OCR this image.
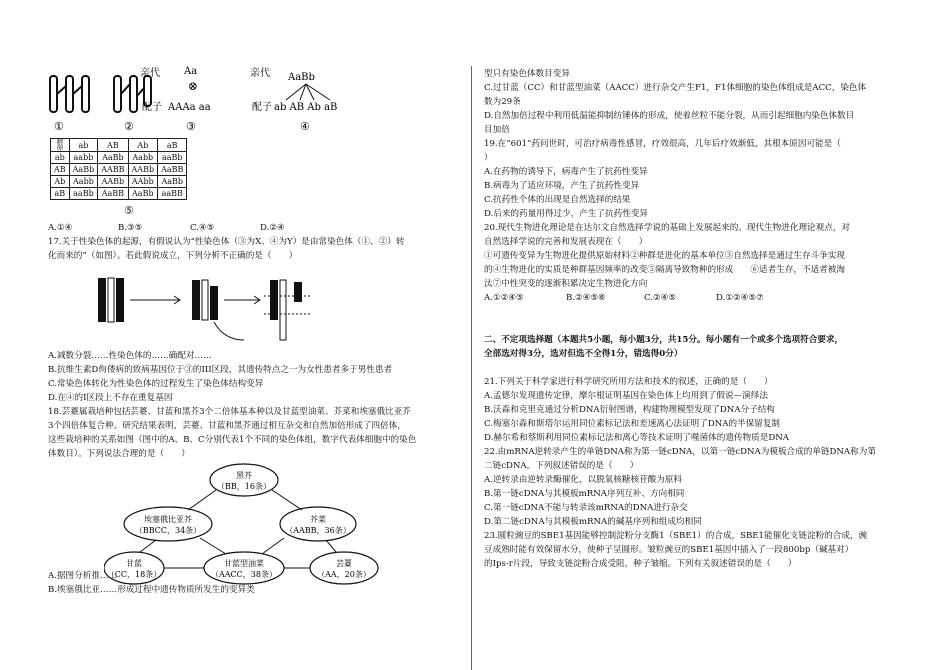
①	②
亲代 Aa
⊗
配子 AAAa aa
③
亲代 AaBb
配子 ab AB Ab aB
④
精
卵	ab	AB	Ab	aB
ab	aabb	AaBb	Aabb	aaBb
AB	AaBb	AABB	AABb	AaBB
Ab	Aabb	AABb	AAbb	AaBb
aB	aaBb	AaBB	AaBb	aaBB
⑤
A.①④	B.③⑤	C.④⑤	D.②④
17.关于性染色体的起源，有假说认为“性染色体（③为X、④为Y）是由常染色体（①、②）转
化而来的”（如图）。若此假说成立，下列分析不正确的是（　　）
A.减数分裂……性染色体的……确配对……
B.抗维生素D佝偻病的致病基因位于③的III区段，其遗传特点之一为女性患者多于男性患者
C.常染色体转化为性染色体的过程发生了染色体结构变异
D.在④的I区段上不存在重复基因
18.芸薹属栽培种包括芸薹、甘蓝和黑芥3个二倍体基本种以及甘蓝型油菜、芥菜和埃塞俄比亚芥
3个四倍体复合种。研究结果表明，芸薹、甘蓝和黑芥通过相互杂交和自然加倍形成了四倍体，
这些栽培种的关系如图（图中的A、B、C分别代表1个不同的染色体组，数字代表体细胞中的染色
体数目）。下列说法合理的是（　　）
黑芥
（BB，16条）
埃塞俄比亚芥
（BBCC，34条）
芥菜
（AABB，36条）
甘蓝
（CC，18条）
甘蓝型油菜
（AACC，38条）
芸薹
（AA，20条）
A.据图分析推……
B.埃塞俄比亚……形成过程中遗传物质所发生的变异类
型只有染色体数目变异
C.过甘蓝（CC）和甘蓝型油菜（AACC）进行杂交产生F1，F1体细胞的染色体组成是ACC，染色体
数为29条
D.自然加倍过程中利用低温能抑制纺锤体的形成，使着丝粒不能分裂，从而引起细胞内染色体数目
目加倍
19.在“601”药问世时，可治疗病毒性感冒，疗效很高，几年后疗效渐低，其根本原因可能是（
）
A.在药物的诱导下，病毒产生了抗药性变异
B.病毒为了适应环境，产生了抗药性变异
C.抗药性个体的出现是自然选择的结果
D.后来的药量用得过少，产生了抗药性变异
20.现代生物进化理论是在达尔文自然选择学说的基础上发展起来的。现代生物进化理论观点，对
自然选择学说的完善和发展表现在（　　）
①可遗传变异为生物进化提供原始材料②种群是进化的基本单位③自然选择是通过生存斗争实现
的④生物进化的实质是种群基因频率的改变⑤隔离导致物种的形成　　⑥适者生存，不适者被淘
汰⑦中性突变的逐渐积累决定生物进化方向
A.①②④⑤	B.②④⑤⑥	C.②④⑤	D.①②④⑤⑦
二、不定项选择题（本题共5小题，每小题3分，共15分。每小题有一个或多个选项符合要求，
全部选对得3分，选对但选不全得1分，错选得0分）
21.下列关于科学家进行科学研究所用方法和技术的叙述，正确的是（　　）
A.孟德尔发现遗传定律，摩尔根证明基因在染色体上均用到了假说—演绎法
B.沃森和克里克通过分析DNA衍射图谱，构建物理模型发现了DNA分子结构
C.梅塞尔森和斯塔尔运用同位素标记法和差速离心法证明了DNA的半保留复制
D.赫尔希和蔡斯利用同位素标记法和离心等技术证明了噬菌体的遗传物质是DNA
22.由mRNA逆转录产生的单链DNA称为第一链cDNA，以第一链cDNA为模板合成的单链DNA称为第
二链cDNA。下列叙述错误的是（　　）
A.逆转录由逆转录酶催化，以脱氧核糖核苷酸为原料
B.第一链cDNA与其模板mRNA序列互补、方向相同
C.第一链cDNA不能与转录该mRNA的DNA进行杂交
D.第二链cDNA与其模板mRNA的碱基序列和组成均相同
23.圆粒豌豆的SBE1基因能够控制淀粉分支酶1（SBE1）的合成，SBE1能催化支链淀粉的合成，豌
豆成熟时能有效保留水分，使种子呈圆形。皱粒豌豆的SBE1基因中插入了一段800bp（碱基对）
的Ips-r片段，导致支链淀粉合成受阻，种子皱缩。下列有关叙述错误的是（　　）
